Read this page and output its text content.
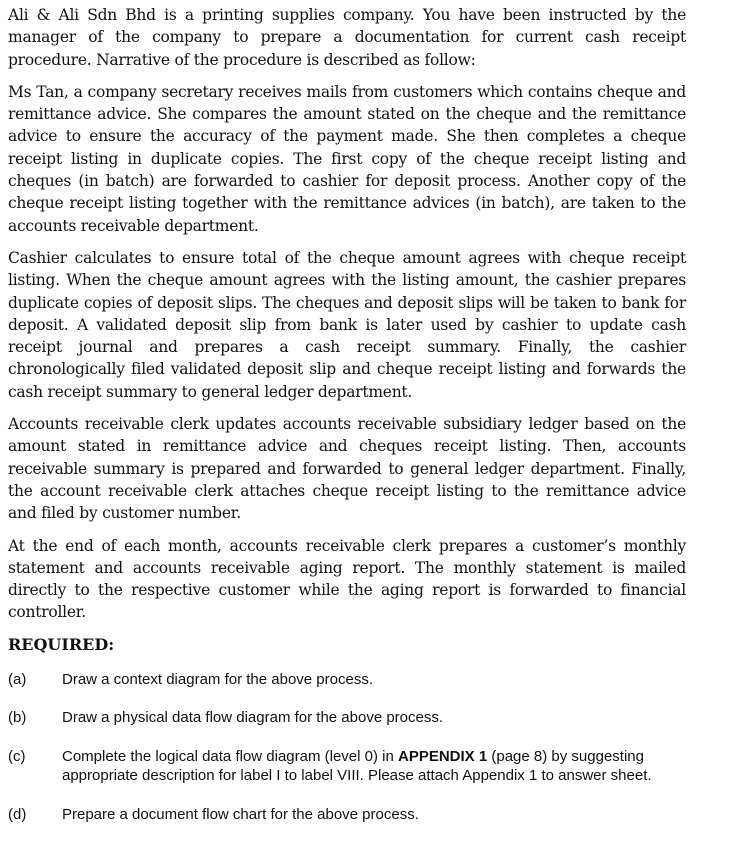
Ali & Ali Sdn Bhd is a printing supplies company. You have been instructed by the manager of the company to prepare a documentation for current cash receipt procedure. Narrative of the procedure is described as follow:

Ms Tan, a company secretary receives mails from customers which contains cheque and remittance advice. She compares the amount stated on the cheque and the remittance advice to ensure the accuracy of the payment made. She then completes a cheque receipt listing in duplicate copies. The first copy of the cheque receipt listing and cheques (in batch) are forwarded to cashier for deposit process. Another copy of the cheque receipt listing together with the remittance advices (in batch), are taken to the accounts receivable department.

Cashier calculates to ensure total of the cheque amount agrees with cheque receipt listing. When the cheque amount agrees with the listing amount, the cashier prepares duplicate copies of deposit slips. The cheques and deposit slips will be taken to bank for deposit. A validated deposit slip from bank is later used by cashier to update cash receipt journal and prepares a cash receipt summary. Finally, the cashier chronologically filed validated deposit slip and cheque receipt listing and forwards the cash receipt summary to general ledger department.

Accounts receivable clerk updates accounts receivable subsidiary ledger based on the amount stated in remittance advice and cheques receipt listing. Then, accounts receivable summary is prepared and forwarded to general ledger department. Finally, the account receivable clerk attaches cheque receipt listing to the remittance advice and filed by customer number.

At the end of each month, accounts receivable clerk prepares a customer’s monthly statement and accounts receivable aging report. The monthly statement is mailed directly to the respective customer while the aging report is forwarded to financial controller.

REQUIRED:
(a)	Draw a context diagram for the above process.
(b)	Draw a physical data flow diagram for the above process.
(c)	Complete the logical data flow diagram (level 0) in APPENDIX 1 (page 8) by suggesting appropriate description for label I to label VIII. Please attach Appendix 1 to answer sheet.
(d)	Prepare a document flow chart for the above process.
